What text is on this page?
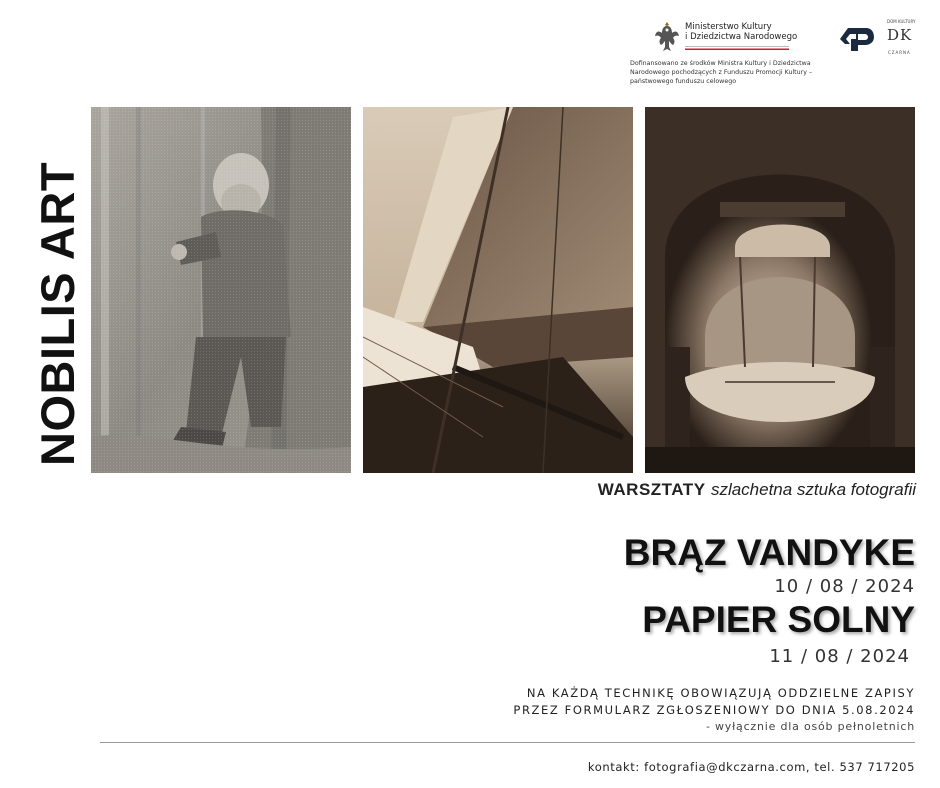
Ministerstwo Kultury
i Dziedzictwa Narodowego
Dofinansowano ze środków Ministra Kultury i Dziedzictwa
Narodowego pochodzących z Funduszu Promocji Kultury –
państwowego funduszu celowego
DOM KULTURY
DK
CZARNA
NOBILIS ART
WARSZTATY szlachetna sztuka fotografii
BRĄZ VANDYKE
10 / 08 / 2024
PAPIER SOLNY
11 / 08 / 2024
NA KAŻDĄ TECHNIKĘ OBOWIĄZUJĄ ODDZIELNE ZAPISY
PRZEZ FORMULARZ ZGŁOSZENIOWY DO DNIA 5.08.2024
- wyłącznie dla osób pełnoletnich
kontakt: fotografia@dkczarna.com, tel. 537 717205
